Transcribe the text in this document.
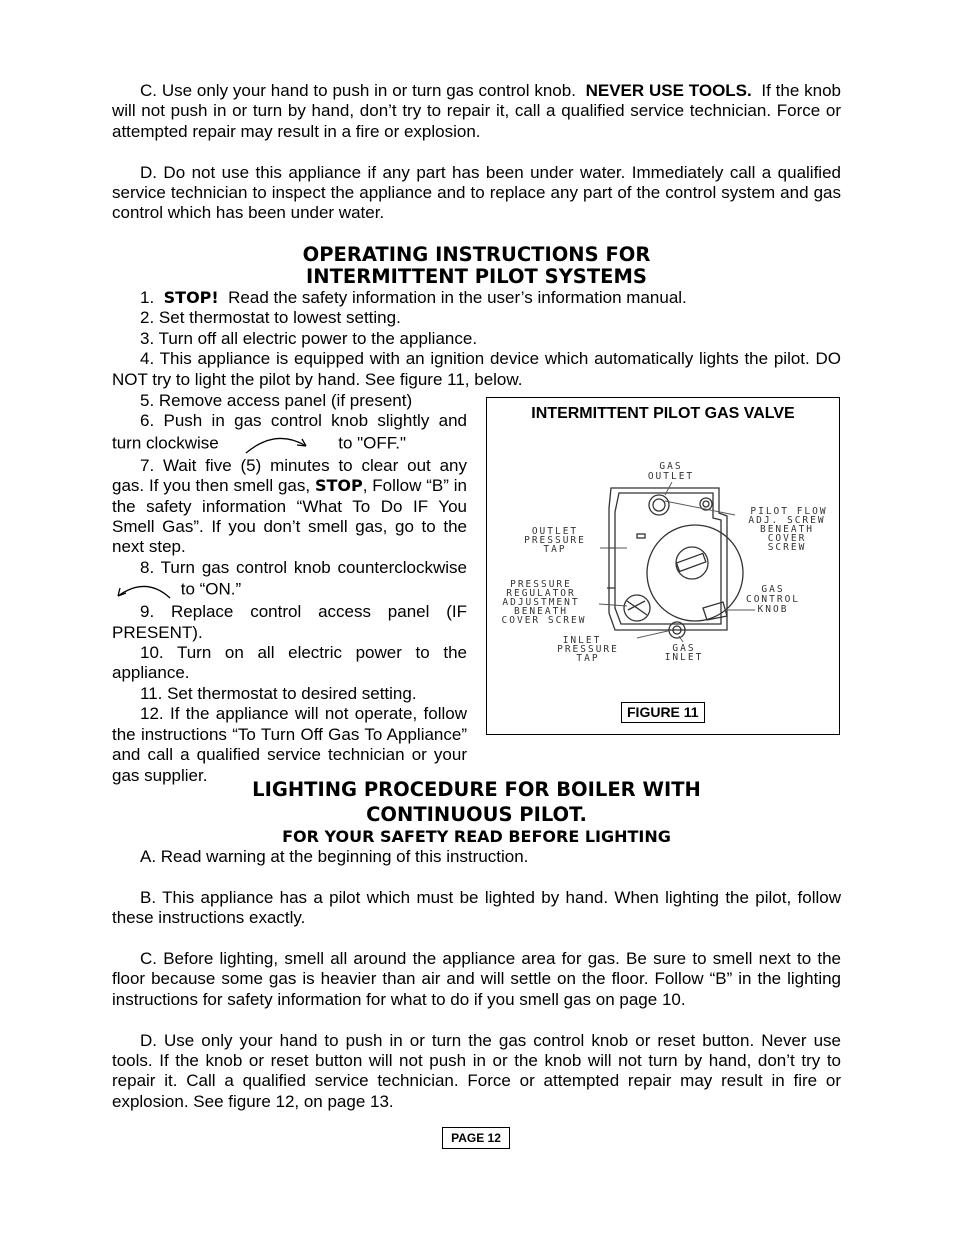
C. Use only your hand to push in or turn gas control knob. NEVER USE TOOLS. If the knob will not push in or turn by hand, don’t try to repair it, call a qualified service technician. Force or attempted repair may result in a fire or explosion.

D. Do not use this appliance if any part has been under water. Immediately call a qualified service technician to inspect the appliance and to replace any part of the control system and gas control which has been under water.

OPERATING INSTRUCTIONS FOR
INTERMITTENT PILOT SYSTEMS

1. STOP! Read the safety information in the user’s information manual.

2. Set thermostat to lowest setting.

3. Turn off all electric power to the appliance.

4. This appliance is equipped with an ignition device which automatically lights the pilot. DO NOT try to light the pilot by hand. See figure 11, below.

5. Remove access panel (if present)

6. Push in gas control knob slightly and turn clockwise	to "OFF."

7. Wait five (5) minutes to clear out any gas. If you then smell gas, STOP, Follow “B” in the safety information “What To Do IF You Smell Gas”. If you don’t smell gas, go to the next step.

8. Turn gas control knob counterclockwise  to “ON.”

9. Replace control access panel (IF PRESENT).

10. Turn on all electric power to the appliance.

11. Set thermostat to desired setting.

12. If the appliance will not operate, follow the instructions “To Turn Off Gas To Appliance” and call a qualified service technician or your gas supplier.

INTERMITTENT PILOT GAS VALVE
GAS OUTLET
PILOT FLOW ADJ. SCREW BENEATH COVER SCREW
OUTLET PRESSURE TAP
PRESSURE REGULATOR ADJUSTMENT BENEATH COVER SCREW
GAS CONTROL KNOB
INLET PRESSURE TAP
GAS INLET
FIGURE 11
LIGHTING PROCEDURE FOR BOILER WITH
CONTINUOUS PILOT.
FOR YOUR SAFETY READ BEFORE LIGHTING

A. Read warning at the beginning of this instruction.

B. This appliance has a pilot which must be lighted by hand. When lighting the pilot, follow these instructions exactly.

C. Before lighting, smell all around the appliance area for gas. Be sure to smell next to the floor because some gas is heavier than air and will settle on the floor. Follow “B” in the lighting instructions for safety information for what to do if you smell gas on page 10.

D. Use only your hand to push in or turn the gas control knob or reset button. Never use tools. If the knob or reset button will not push in or the knob will not turn by hand, don’t try to repair it. Call a qualified service technician. Force or attempted repair may result in fire or explosion. See figure 12, on page 13.

PAGE 12
